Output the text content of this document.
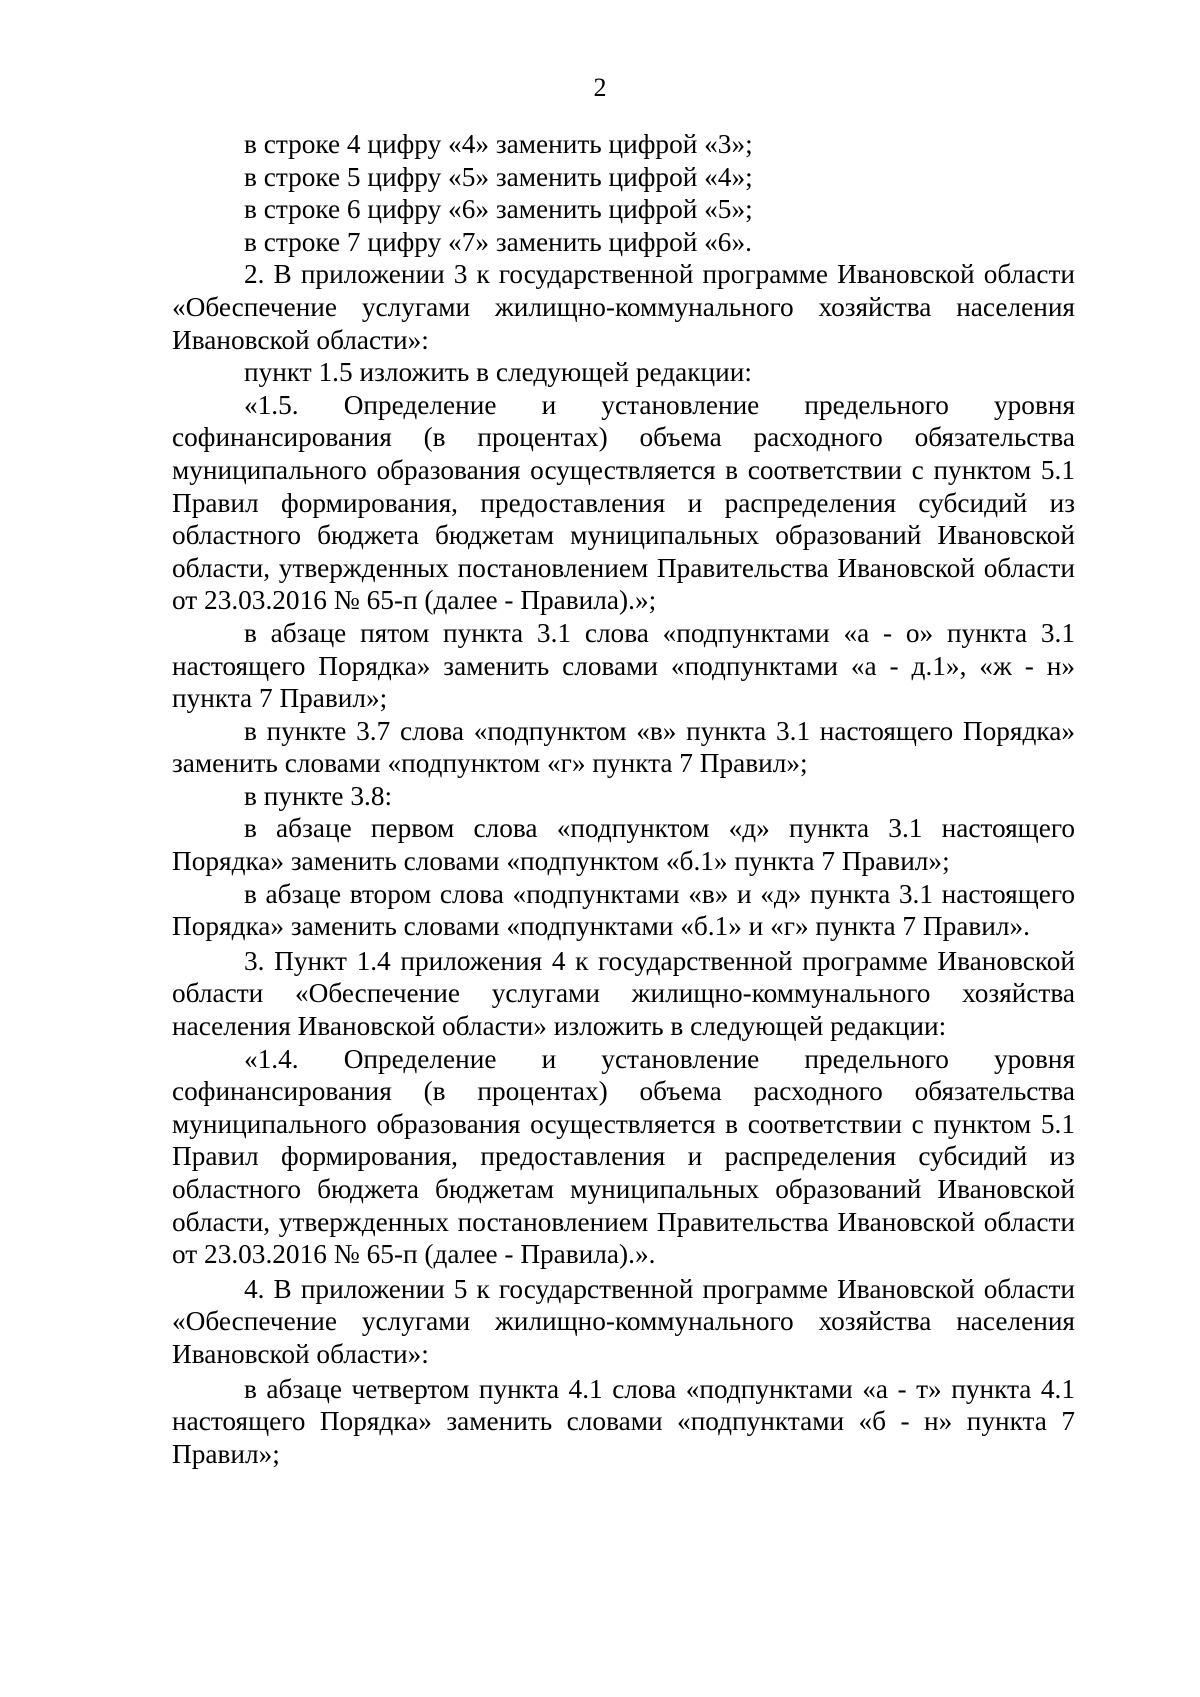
2

в строке 4 цифру «4» заменить цифрой «3»;

в строке 5 цифру «5» заменить цифрой «4»;

в строке 6 цифру «6» заменить цифрой «5»;

в строке 7 цифру «7» заменить цифрой «6».

2. В приложении 3 к государственной программе Ивановской области «Обеспечение услугами жилищно-коммунального хозяйства населения Ивановской области»:

пункт 1.5 изложить в следующей редакции:

«1.5. Определение и установление предельного уровня софинансирования (в процентах) объема расходного обязательства муниципального образования осуществляется в соответствии с пунктом 5.1 Правил формирования, предоставления и распределения субсидий из областного бюджета бюджетам муниципальных образований Ивановской области, утвержденных постановлением Правительства Ивановской области от 23.03.2016 № 65-п (далее - Правила).»;

в абзаце пятом пункта 3.1 слова «подпунктами «а - о» пункта 3.1 настоящего Порядка» заменить словами «подпунктами «а - д.1», «ж - н» пункта 7 Правил»;

в пункте 3.7 слова «подпунктом «в» пункта 3.1 настоящего Порядка» заменить словами «подпунктом «г» пункта 7 Правил»;

в пункте 3.8:

в абзаце первом слова «подпунктом «д» пункта 3.1 настоящего Порядка» заменить словами «подпунктом «б.1» пункта 7 Правил»;

в абзаце втором слова «подпунктами «в» и «д» пункта 3.1 настоящего Порядка» заменить словами «подпунктами «б.1» и «г» пункта 7 Правил».

3. Пункт 1.4 приложения 4 к государственной программе Ивановской области «Обеспечение услугами жилищно-коммунального хозяйства населения Ивановской области» изложить в следующей редакции:

«1.4. Определение и установление предельного уровня софинансирования (в процентах) объема расходного обязательства муниципального образования осуществляется в соответствии с пунктом 5.1 Правил формирования, предоставления и распределения субсидий из областного бюджета бюджетам муниципальных образований Ивановской области, утвержденных постановлением Правительства Ивановской области от 23.03.2016 № 65-п (далее - Правила).».

4. В приложении 5 к государственной программе Ивановской области «Обеспечение услугами жилищно-коммунального хозяйства населения Ивановской области»:

в абзаце четвертом пункта 4.1 слова «подпунктами «а - т» пункта 4.1 настоящего Порядка» заменить словами «подпунктами «б - н» пункта 7 Правил»;
